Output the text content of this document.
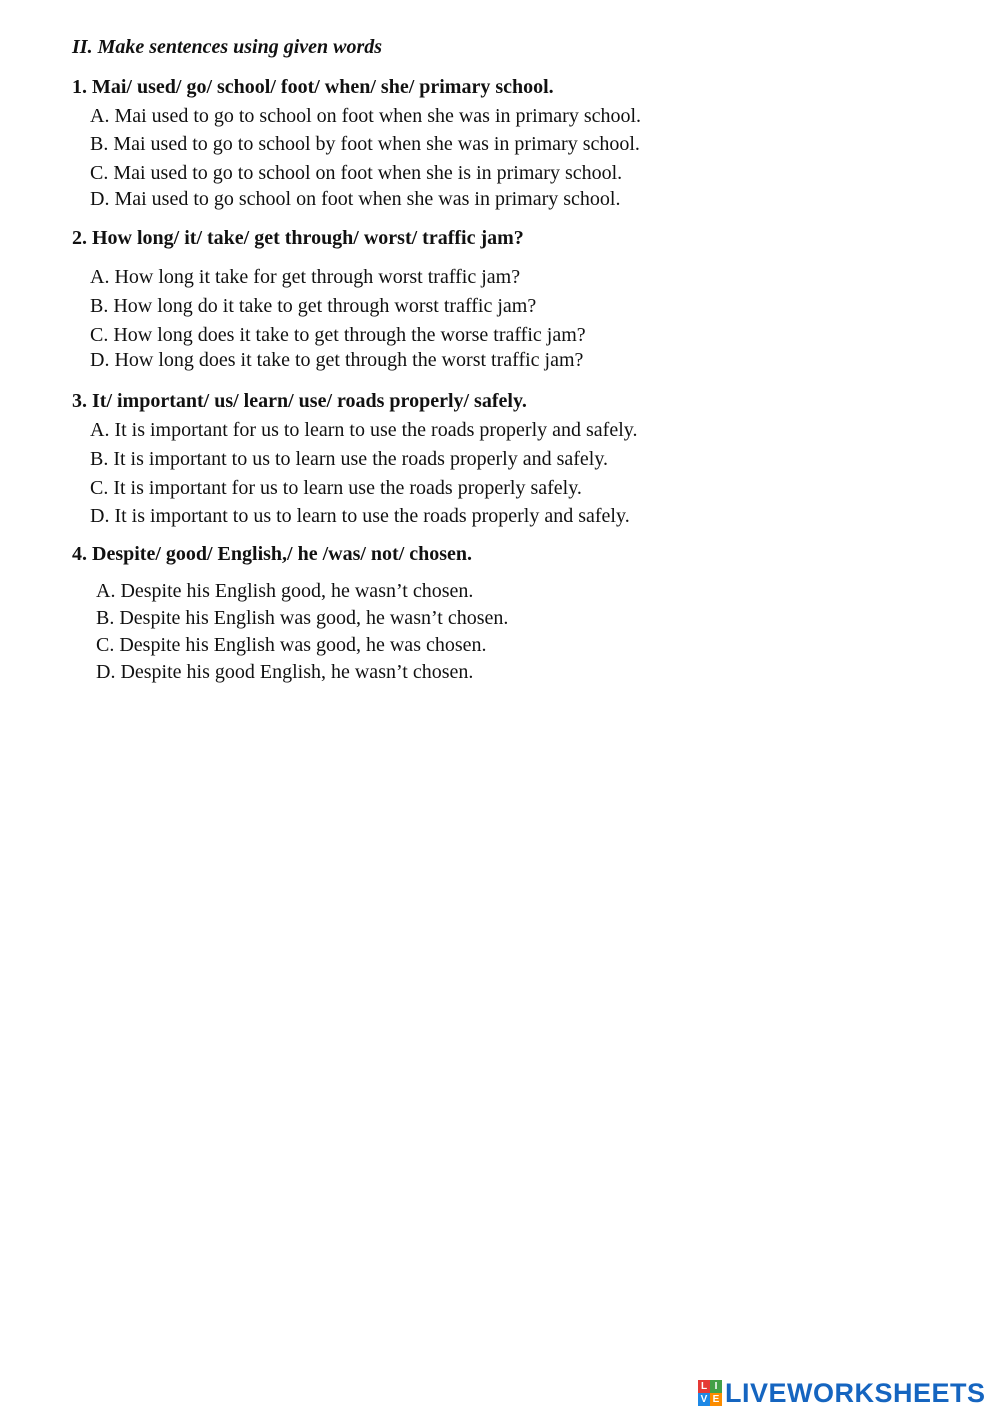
II. Make sentences using given words

1. Mai/ used/ go/ school/ foot/ when/ she/ primary school.

A. Mai used to go to school on foot when she was in primary school.

B. Mai used to go to school by foot when she was in primary school.

C. Mai used to go to school on foot when she is in primary school.

D. Mai used to go school on foot when she was in primary school.

2. How long/ it/ take/ get through/ worst/ traffic jam?

A. How long it take for get through worst traffic jam?

B. How long do it take to get through worst traffic jam?

C. How long does it take to get through the worse traffic jam?

D. How long does it take to get through the worst traffic jam?

3. It/ important/ us/ learn/ use/ roads properly/ safely.

A. It is important for us to learn to use the roads properly and safely.

B. It is important to us to learn use the roads properly and safely.

C. It is important for us to learn use the roads properly safely.

D. It is important to us to learn to use the roads properly and safely.

4. Despite/ good/ English,/ he /was/ not/ chosen.

A. Despite his English good, he wasn’t chosen.

B. Despite his English was good, he wasn’t chosen.

C. Despite his English was good, he was chosen.

D. Despite his good English, he wasn’t chosen.

L I
V E LIVEWORKSHEETS
